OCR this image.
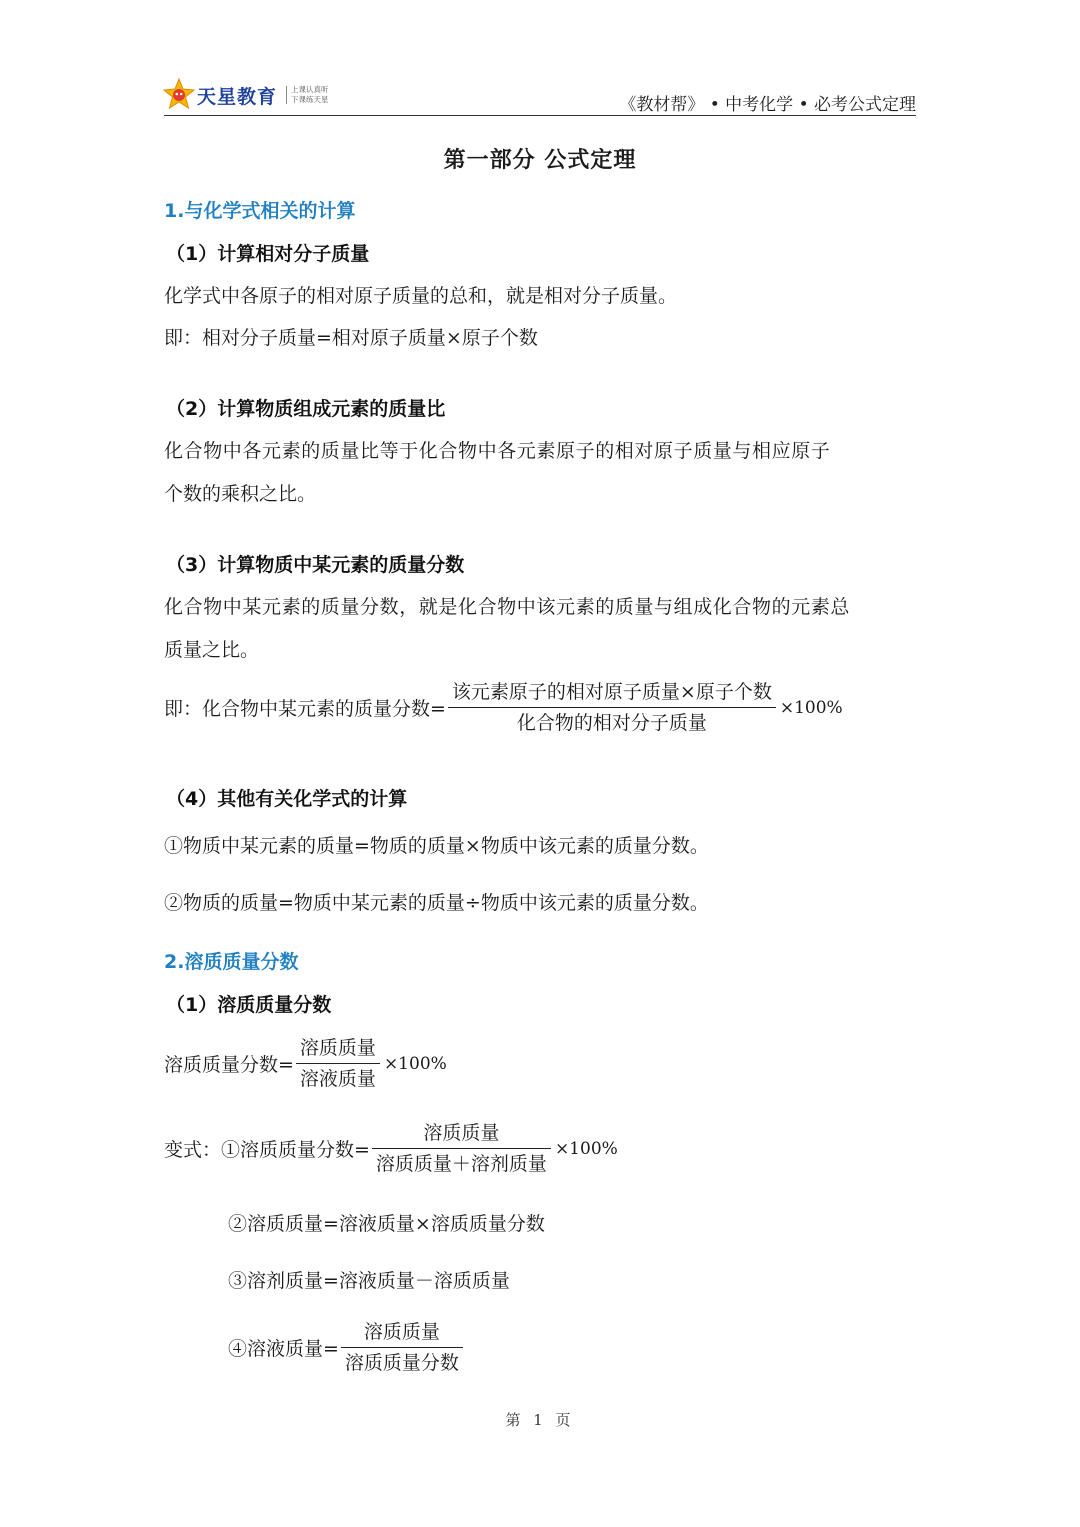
天星教育 上课认真听
下课练天星	《教材帮》 • 中考化学 • 必考公式定理
第一部分 公式定理
1.与化学式相关的计算
（1）计算相对分子质量
化学式中各原子的相对原子质量的总和，就是相对分子质量。
即：相对分子质量=相对原子质量×原子个数
（2）计算物质组成元素的质量比
化合物中各元素的质量比等于化合物中各元素原子的相对原子质量与相应原子
个数的乘积之比。
（3）计算物质中某元素的质量分数
化合物中某元素的质量分数，就是化合物中该元素的质量与组成化合物的元素总
质量之比。
即：化合物中某元素的质量分数= $\frac{\text{该元素原子的相对原子质量×原子个数}}{\text{化合物的相对分子质量}} \times 100\%$
（4）其他有关化学式的计算
①物质中某元素的质量=物质的质量×物质中该元素的质量分数。
②物质的质量=物质中某元素的质量÷物质中该元素的质量分数。
2.溶质质量分数
（1）溶质质量分数
溶质质量分数= $\frac{\text{溶质质量}}{\text{溶液质量}} \times 100\%$
变式：①溶质质量分数= $\frac{\text{溶质质量}}{\text{溶质质量＋溶剂质量}} \times 100\%$
②溶质质量=溶液质量×溶质质量分数
③溶剂质量=溶液质量－溶质质量
④溶液质量= $\frac{\text{溶质质量}}{\text{溶质质量分数}}$
第 1 页
